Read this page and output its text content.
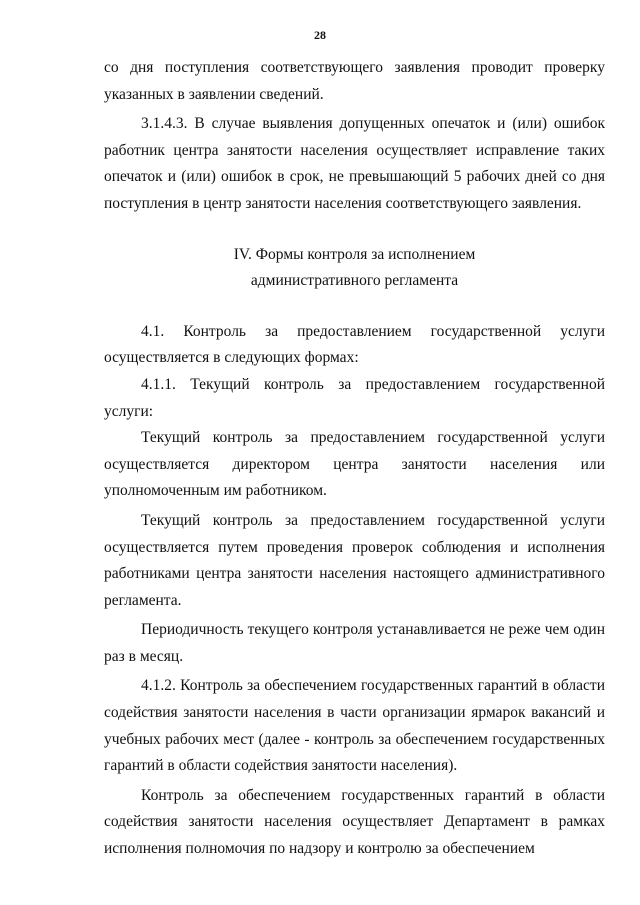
28

со дня поступления соответствующего заявления проводит проверку указанных в заявлении сведений.

3.1.4.3. В случае выявления допущенных опечаток и (или) ошибок работник центра занятости населения осуществляет исправление таких опечаток и (или) ошибок в срок, не превышающий 5 рабочих дней со дня поступления в центр занятости населения соответствующего заявления.

IV. Формы контроля за исполнением

административного регламента

4.1. Контроль за предоставлением государственной услуги осуществляется в следующих формах:

4.1.1. Текущий контроль за предоставлением государственной услуги:

Текущий контроль за предоставлением государственной услуги осуществляется директором центра занятости населения или уполномоченным им работником.

Текущий контроль за предоставлением государственной услуги осуществляется путем проведения проверок соблюдения и исполнения работниками центра занятости населения настоящего административного регламента.

Периодичность текущего контроля устанавливается не реже чем один раз в месяц.

4.1.2. Контроль за обеспечением государственных гарантий в области содействия занятости населения в части организации ярмарок вакансий и учебных рабочих мест (далее - контроль за обеспечением государственных гарантий в области содействия занятости населения).

Контроль за обеспечением государственных гарантий в области содействия занятости населения осуществляет Департамент в рамках исполнения полномочия по надзору и контролю за обеспечением
